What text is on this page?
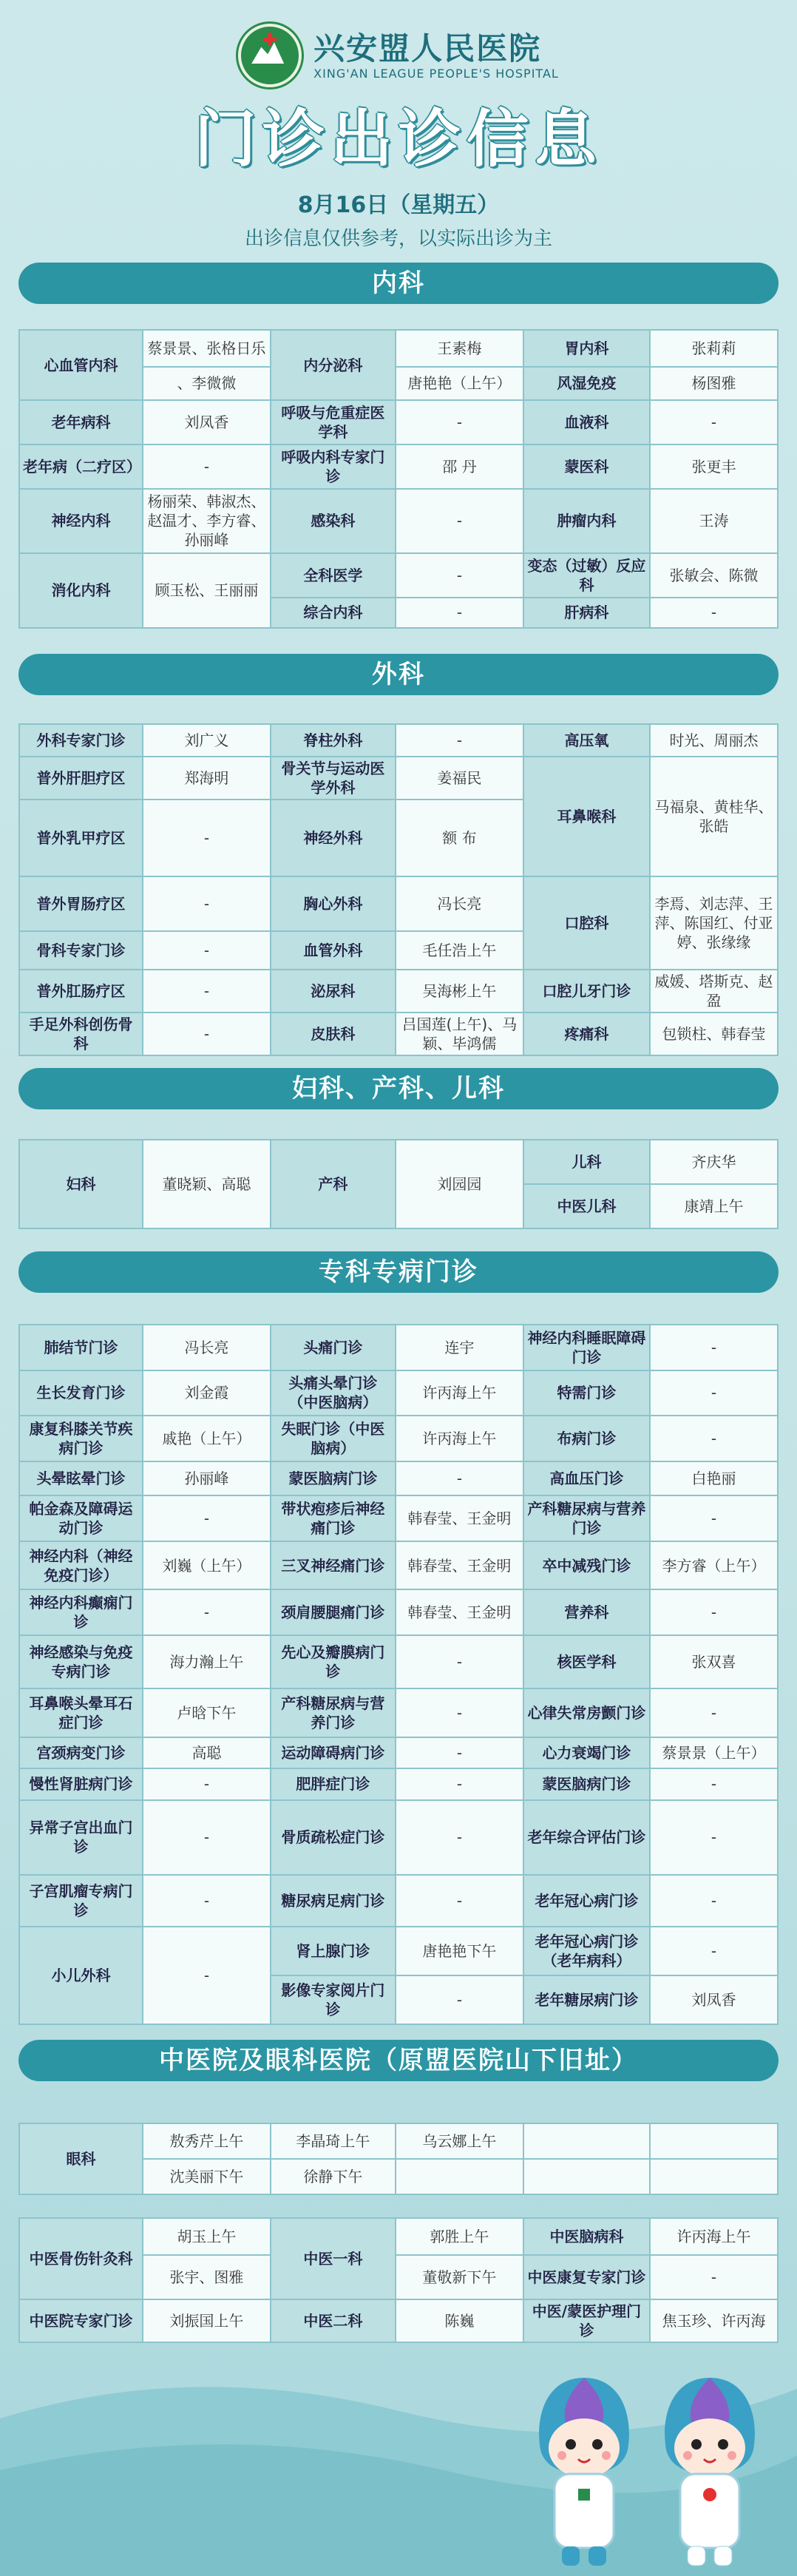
兴安盟人民医院
XING'AN LEAGUE PEOPLE'S HOSPITAL
门诊出诊信息
8月16日（星期五）
出诊信息仅供参考，以实际出诊为主
内科
心血管内科	蔡景景、张格日乐	内分泌科	王素梅	胃内科	张莉莉
	、李微微		唐艳艳（上午）	风湿免疫	杨图雅
老年病科	刘凤香	呼吸与危重症医学科	-	血液科	-
老年病（二疗区）	-	呼吸内科专家门诊	邵 丹	蒙医科	张更丰
神经内科	杨丽荣、韩淑杰、赵温才、李方睿、孙丽峰	感染科	-	肿瘤内科	王涛
消化内科	顾玉松、王丽丽	全科医学	-	变态（过敏）反应科	张敏会、陈微
		综合内科	-	肝病科	-
外科
外科专家门诊	刘广义	脊柱外科	-	高压氧	时光、周丽杰
普外肝胆疗区	郑海明	骨关节与运动医学外科	姜福民	耳鼻喉科	马福泉、黄桂华、张皓
普外乳甲疗区	-	神经外科	额 布		
普外胃肠疗区	-	胸心外科	冯长亮	口腔科	李焉、刘志萍、王萍、陈国红、付亚婷、张缘缘
骨科专家门诊	-	血管外科	毛任浩上午		
普外肛肠疗区	-	泌尿科	吴海彬上午	口腔儿牙门诊	威媛、塔斯克、赵盈
手足外科创伤骨科	-	皮肤科	吕国莲(上午)、马颖、毕鸿儒	疼痛科	包锁柱、韩春莹
妇科、产科、儿科
妇科	董晓颖、高聪	产科	刘园园	儿科	齐庆华
				中医儿科	康靖上午
专科专病门诊
肺结节门诊	冯长亮	头痛门诊	连宇	神经内科睡眠障碍门诊	-
生长发育门诊	刘金霞	头痛头晕门诊（中医脑病）	许丙海上午	特需门诊	-
康复科膝关节疾病门诊	戚艳（上午）	失眠门诊（中医脑病）	许丙海上午	布病门诊	-
头晕眩晕门诊	孙丽峰	蒙医脑病门诊	-	高血压门诊	白艳丽
帕金森及障碍运动门诊	-	带状疱疹后神经痛门诊	韩春莹、王金明	产科糖尿病与营养门诊	-
神经内科（神经免疫门诊）	刘巍（上午）	三叉神经痛门诊	韩春莹、王金明	卒中减残门诊	李方睿（上午）
神经内科癫痫门诊	-	颈肩腰腿痛门诊	韩春莹、王金明	营养科	-
神经感染与免疫专病门诊	海力瀚上午	先心及瓣膜病门诊	-	核医学科	张双喜
耳鼻喉头晕耳石症门诊	卢晗下午	产科糖尿病与营养门诊	-	心律失常房颤门诊	-
宫颈病变门诊	高聪	运动障碍病门诊	-	心力衰竭门诊	蔡景景（上午）
慢性肾脏病门诊	-	肥胖症门诊	-	蒙医脑病门诊	-
异常子宫出血门诊	-	骨质疏松症门诊	-	老年综合评估门诊	-
子宫肌瘤专病门诊	-	糖尿病足病门诊	-	老年冠心病门诊	-
小儿外科	-	肾上腺门诊	唐艳艳下午	老年冠心病门诊（老年病科）	-
		影像专家阅片门诊	-	老年糖尿病门诊	刘凤香
中医院及眼科医院（原盟医院山下旧址）
眼科	敖秀芹上午	李晶琦上午	乌云娜上午		
	沈美丽下午	徐静下午			
中医骨伤针灸科	胡玉上午	中医一科	郭胜上午	中医脑病科	许丙海上午
	张宇、图雅		董敬新下午	中医康复专家门诊	-
中医院专家门诊	刘振国上午	中医二科	陈巍	中医/蒙医护理门诊	焦玉珍、许丙海
